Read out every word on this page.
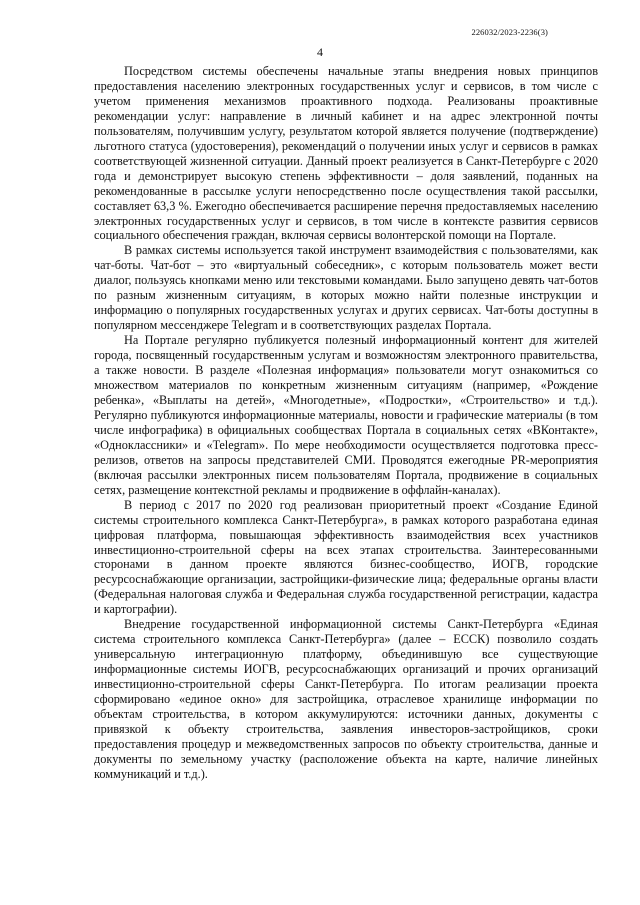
226032/2023-2236(3)
4

Посредством системы обеспечены начальные этапы внедрения новых принципов предоставления населению электронных государственных услуг и сервисов, в том числе с учетом применения механизмов проактивного подхода. Реализованы проактивные рекомендации услуг: направление в личный кабинет и на адрес электронной почты пользователям, получившим услугу, результатом которой является получение (подтверждение) льготного статуса (удостоверения), рекомендаций о получении иных услуг и сервисов в рамках соответствующей жизненной ситуации. Данный проект реализуется в Санкт-Петербурге с 2020 года и демонстрирует высокую степень эффективности – доля заявлений, поданных на рекомендованные в рассылке услуги непосредственно после осуществления такой рассылки, составляет 63,3 %. Ежегодно обеспечивается расширение перечня предоставляемых населению электронных государственных услуг и сервисов, в том числе в контексте развития сервисов социального обеспечения граждан, включая сервисы волонтерской помощи на Портале.

В рамках системы используется такой инструмент взаимодействия с пользователями, как чат-боты. Чат-бот – это «виртуальный собеседник», с которым пользователь может вести диалог, пользуясь кнопками меню или текстовыми командами. Было запущено девять чат-ботов по разным жизненным ситуациям, в которых можно найти полезные инструкции и информацию о популярных государственных услугах и других сервисах. Чат-боты доступны в популярном мессенджере Telegram и в соответствующих разделах Портала.

На Портале регулярно публикуется полезный информационный контент для жителей города, посвященный государственным услугам и возможностям электронного правительства, а также новости. В разделе «Полезная информация» пользователи могут ознакомиться со множеством материалов по конкретным жизненным ситуациям (например, «Рождение ребенка», «Выплаты на детей», «Многодетные», «Подростки», «Строительство» и т.д.). Регулярно публикуются информационные материалы, новости и графические материалы (в том числе инфографика) в официальных сообществах Портала в социальных сетях «ВКонтакте», «Одноклассники» и «Telegram». По мере необходимости осуществляется подготовка пресс-релизов, ответов на запросы представителей СМИ. Проводятся ежегодные PR-мероприятия (включая рассылки электронных писем пользователям Портала, продвижение в социальных сетях, размещение контекстной рекламы и продвижение в оффлайн-каналах).

В период с 2017 по 2020 год реализован приоритетный проект «Создание Единой системы строительного комплекса Санкт-Петербурга», в рамках которого разработана единая цифровая платформа, повышающая эффективность взаимодействия всех участников инвестиционно-строительной сферы на всех этапах строительства. Заинтересованными сторонами в данном проекте являются бизнес-сообщество, ИОГВ, городские ресурсоснабжающие организации, застройщики-физические лица; федеральные органы власти (Федеральная налоговая служба и Федеральная служба государственной регистрации, кадастра и картографии).

Внедрение государственной информационной системы Санкт-Петербурга «Единая система строительного комплекса Санкт-Петербурга» (далее – ЕССК) позволило создать универсальную интеграционную платформу, объединившую все существующие информационные системы ИОГВ, ресурсоснабжающих организаций и прочих организаций инвестиционно-строительной сферы Санкт-Петербурга. По итогам реализации проекта сформировано «единое окно» для застройщика, отраслевое хранилище информации по объектам строительства, в котором аккумулируются: источники данных, документы с привязкой к объекту строительства, заявления инвесторов-застройщиков, сроки предоставления процедур и межведомственных запросов по объекту строительства, данные и документы по земельному участку (расположение объекта на карте, наличие линейных коммуникаций и т.д.).
